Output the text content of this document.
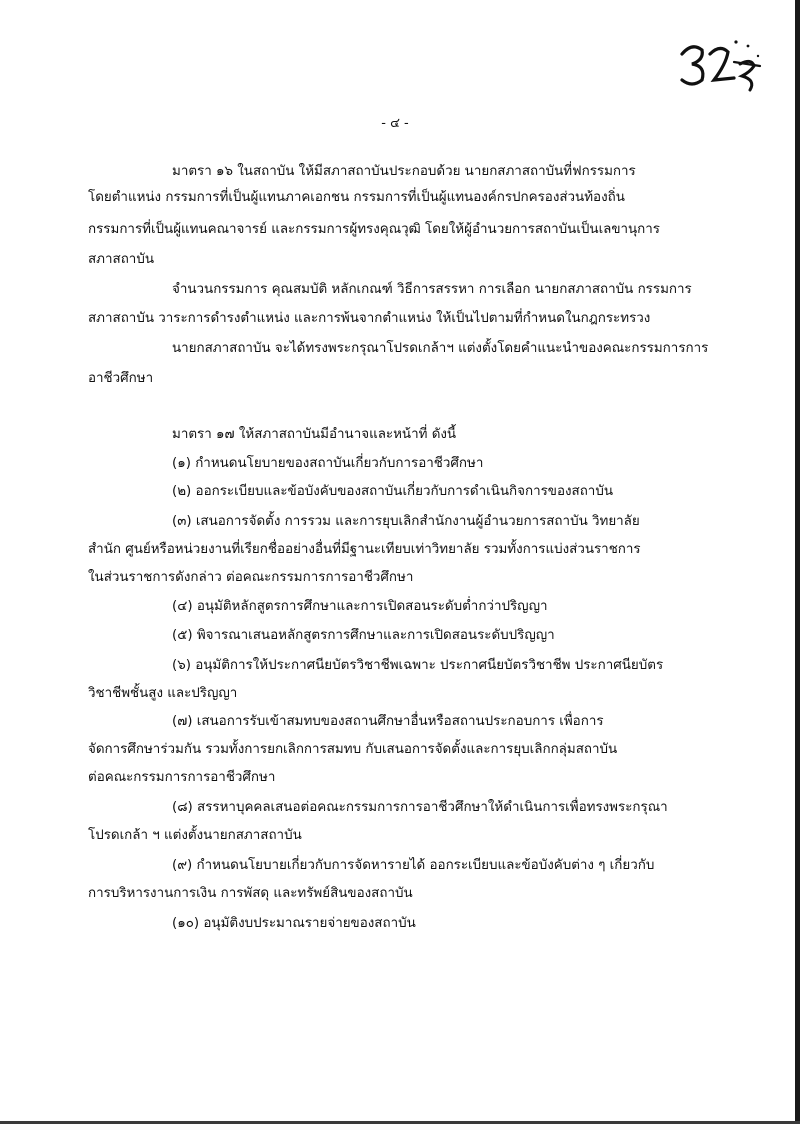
- ๔ -
มาตรา ๑๖ ในสถาบัน ให้มีสภาสถาบันประกอบด้วย นายกสภาสถาบันที่ฟกรรมการ
โดยตำแหน่ง กรรมการที่เป็นผู้แทนภาคเอกชน กรรมการที่เป็นผู้แทนองค์กรปกครองส่วนท้องถิ่น
กรรมการที่เป็นผู้แทนคณาจารย์ และกรรมการผู้ทรงคุณวุฒิ โดยให้ผู้อำนวยการสถาบันเป็นเลขานุการ
สภาสถาบัน
จำนวนกรรมการ คุณสมบัติ หลักเกณฑ์ วิธีการสรรหา การเลือก นายกสภาสถาบัน กรรมการ
สภาสถาบัน วาระการดำรงตำแหน่ง และการพ้นจากตำแหน่ง ให้เป็นไปตามที่กำหนดในกฎกระทรวง
นายกสภาสถาบัน จะได้ทรงพระกรุณาโปรดเกล้าฯ แต่งตั้งโดยคำแนะนำของคณะกรรมการการ
อาชีวศึกษา
มาตรา ๑๗ ให้สภาสถาบันมีอำนาจและหน้าที่ ดังนี้
(๑) กำหนดนโยบายของสถาบันเกี่ยวกับการอาชีวศึกษา
(๒) ออกระเบียบและข้อบังคับของสถาบันเกี่ยวกับการดำเนินกิจการของสถาบัน
(๓) เสนอการจัดตั้ง การรวม และการยุบเลิกสำนักงานผู้อำนวยการสถาบัน วิทยาลัย
สำนัก ศูนย์หรือหน่วยงานที่เรียกชื่ออย่างอื่นที่มีฐานะเทียบเท่าวิทยาลัย รวมทั้งการแบ่งส่วนราชการ
ในส่วนราชการดังกล่าว ต่อคณะกรรมการการอาชีวศึกษา
(๔) อนุมัติหลักสูตรการศึกษาและการเปิดสอนระดับต่ำกว่าปริญญา
(๕) พิจารณาเสนอหลักสูตรการศึกษาและการเปิดสอนระดับปริญญา
(๖) อนุมัติการให้ประกาศนียบัตรวิชาชีพเฉพาะ ประกาศนียบัตรวิชาชีพ ประกาศนียบัตร
วิชาชีพชั้นสูง และปริญญา
(๗) เสนอการรับเข้าสมทบของสถานศึกษาอื่นหรือสถานประกอบการ เพื่อการ
จัดการศึกษาร่วมกัน รวมทั้งการยกเลิกการสมทบ กับเสนอการจัดตั้งและการยุบเลิกกลุ่มสถาบัน
ต่อคณะกรรมการการอาชีวศึกษา
(๘) สรรหาบุคคลเสนอต่อคณะกรรมการการอาชีวศึกษาให้ดำเนินการเพื่อทรงพระกรุณา
โปรดเกล้า ฯ แต่งตั้งนายกสภาสถาบัน
(๙) กำหนดนโยบายเกี่ยวกับการจัดหารายได้ ออกระเบียบและข้อบังคับต่าง ๆ เกี่ยวกับ
การบริหารงานการเงิน การพัสดุ และทรัพย์สินของสถาบัน
(๑๐) อนุมัติงบประมาณรายจ่ายของสถาบัน
